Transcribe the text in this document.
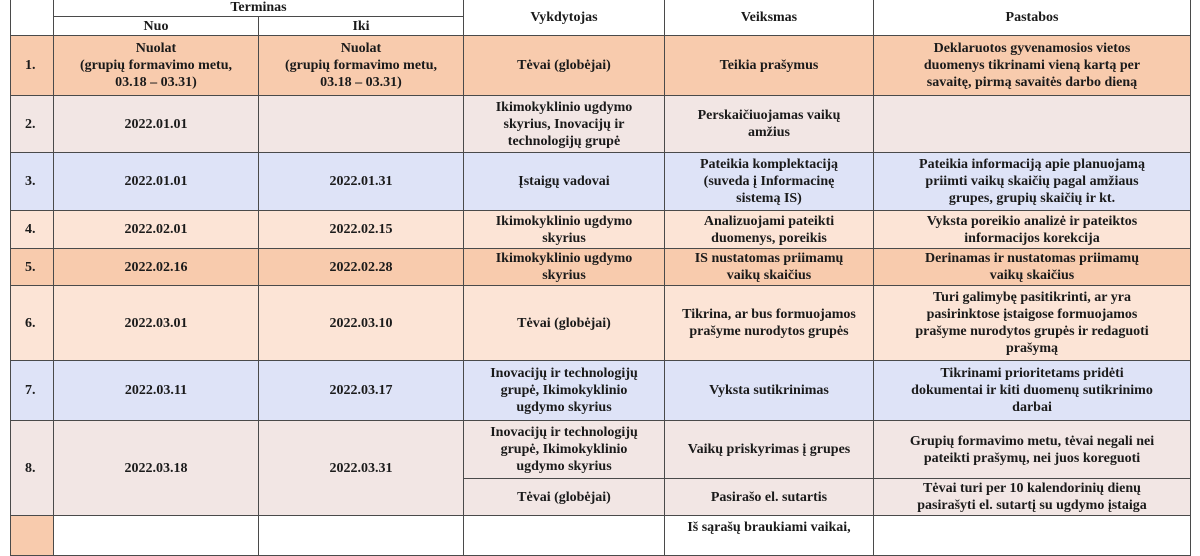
	Terminas		Vykdytojas	Veiksmas	Pastabos
	Nuo	Iki			
1.	Nuolat
(grupių formavimo metu,
03.18 – 03.31)	Nuolat
(grupių formavimo metu,
03.18 – 03.31)	Tėvai (globėjai)	Teikia prašymus	Deklaruotos gyvenamosios vietos
duomenys tikrinami vieną kartą per
savaitę, pirmą savaitės darbo dieną
2.	2022.01.01		Ikimokyklinio ugdymo
skyrius, Inovacijų ir
technologijų grupė	Perskaičiuojamas vaikų
amžius	
3.	2022.01.01	2022.01.31	Įstaigų vadovai	Pateikia komplektaciją
(suveda į Informacinę
sistemą IS)	Pateikia informaciją apie planuojamą
priimti vaikų skaičių pagal amžiaus
grupes, grupių skaičių ir kt.
4.	2022.02.01	2022.02.15	Ikimokyklinio ugdymo
skyrius	Analizuojami pateikti
duomenys, poreikis	Vyksta poreikio analizė ir pateiktos
informacijos korekcija
5.	2022.02.16	2022.02.28	Ikimokyklinio ugdymo
skyrius	IS nustatomas priimamų
vaikų skaičius	Derinamas ir nustatomas priimamų
vaikų skaičius
6.	2022.03.01	2022.03.10	Tėvai (globėjai)	Tikrina, ar bus formuojamos
prašyme nurodytos grupės	Turi galimybę pasitikrinti, ar yra
pasirinktose įstaigose formuojamos
prašyme nurodytos grupės ir redaguoti
prašymą
7.	2022.03.11	2022.03.17	Inovacijų ir technologijų
grupė, Ikimokyklinio
ugdymo skyrius	Vyksta sutikrinimas	Tikrinami prioritetams pridėti
dokumentai ir kiti duomenų sutikrinimo
darbai
8.	2022.03.18	2022.03.31	Inovacijų ir technologijų
grupė, Ikimokyklinio
ugdymo skyrius	Vaikų priskyrimas į grupes	Grupių formavimo metu, tėvai negali nei
pateikti prašymų, nei juos koreguoti
			Tėvai (globėjai)	Pasirašo el. sutartis	Tėvai turi per 10 kalendorinių dienų
pasirašyti el. sutartį su ugdymo įstaiga
				Iš sąrašų braukiami vaikai,	
